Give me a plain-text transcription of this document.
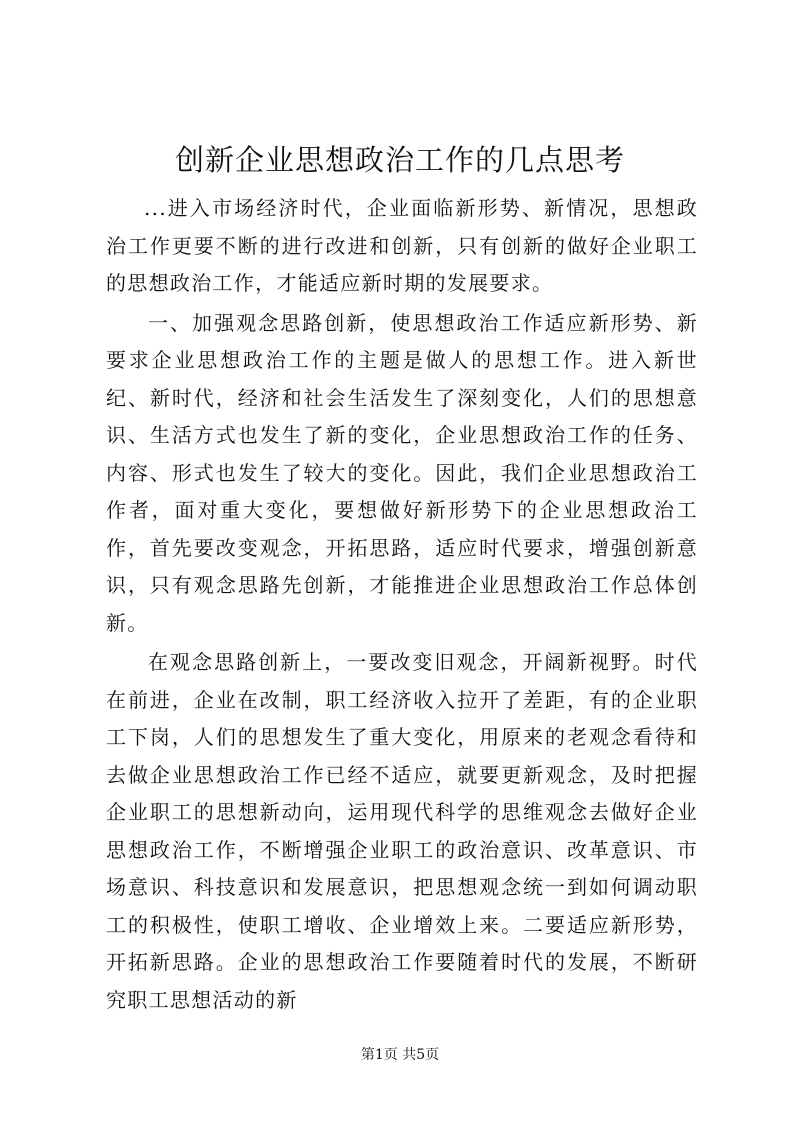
创新企业思想政治工作的几点思考

...进入市场经济时代，企业面临新形势、新情况，思想政治工作更要不断的进行改进和创新，只有创新的做好企业职工的思想政治工作，才能适应新时期的发展要求。

一、加强观念思路创新，使思想政治工作适应新形势、新要求企业思想政治工作的主题是做人的思想工作。进入新世纪、新时代，经济和社会生活发生了深刻变化，人们的思想意识、生活方式也发生了新的变化，企业思想政治工作的任务、内容、形式也发生了较大的变化。因此，我们企业思想政治工作者，面对重大变化，要想做好新形势下的企业思想政治工作，首先要改变观念，开拓思路，适应时代要求，增强创新意识，只有观念思路先创新，才能推进企业思想政治工作总体创新。

在观念思路创新上，一要改变旧观念，开阔新视野。时代在前进，企业在改制，职工经济收入拉开了差距，有的企业职工下岗，人们的思想发生了重大变化，用原来的老观念看待和去做企业思想政治工作已经不适应，就要更新观念，及时把握企业职工的思想新动向，运用现代科学的思维观念去做好企业思想政治工作，不断增强企业职工的政治意识、改革意识、市场意识、科技意识和发展意识，把思想观念统一到如何调动职工的积极性，使职工增收、企业增效上来。二要适应新形势，开拓新思路。企业的思想政治工作要随着时代的发展，不断研究职工思想活动的新

第1页 共5页
